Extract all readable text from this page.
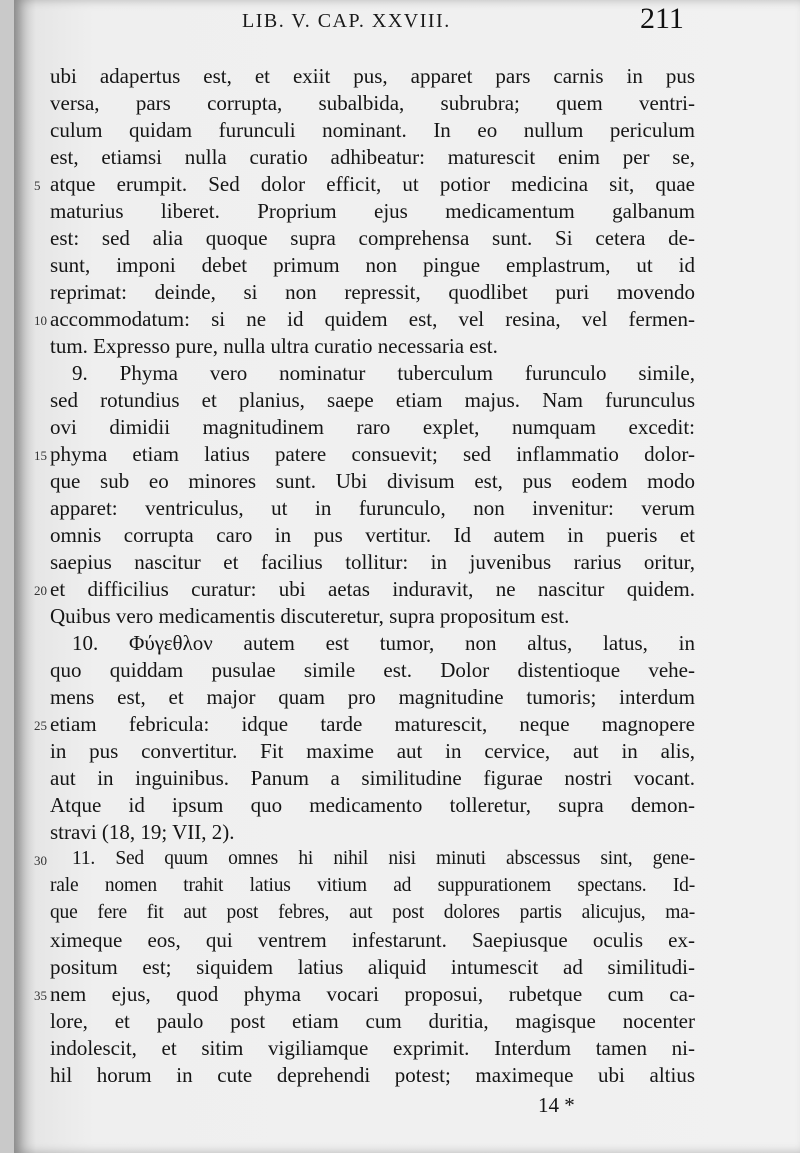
LIB. V. CAP. XXVIII.	211
ubi adapertus est, et exiit pus, apparet pars carnis in pus
versa, pars corrupta, subalbida, subrubra; quem ventri-
culum quidam furunculi nominant. In eo nullum periculum
est, etiamsi nulla curatio adhibeatur: maturescit enim per se,
atque erumpit. Sed dolor efficit, ut potior medicina sit, quae
maturius liberet. Proprium ejus medicamentum galbanum
est: sed alia quoque supra comprehensa sunt. Si cetera de-
sunt, imponi debet primum non pingue emplastrum, ut id
reprimat: deinde, si non repressit, quodlibet puri movendo
accommodatum: si ne id quidem est, vel resina, vel fermen-
tum. Expresso pure, nulla ultra curatio necessaria est.
9. Phyma vero nominatur tuberculum furunculo simile,
sed rotundius et planius, saepe etiam majus. Nam furunculus
ovi dimidii magnitudinem raro explet, numquam excedit:
phyma etiam latius patere consuevit; sed inflammatio dolor-
que sub eo minores sunt. Ubi divisum est, pus eodem modo
apparet: ventriculus, ut in furunculo, non invenitur: verum
omnis corrupta caro in pus vertitur. Id autem in pueris et
saepius nascitur et facilius tollitur: in juvenibus rarius oritur,
et difficilius curatur: ubi aetas induravit, ne nascitur quidem.
Quibus vero medicamentis discuteretur, supra propositum est.
10. Φύγεθλον autem est tumor, non altus, latus, in
quo quiddam pusulae simile est. Dolor distentioque vehe-
mens est, et major quam pro magnitudine tumoris; interdum
etiam febricula: idque tarde maturescit, neque magnopere
in pus convertitur. Fit maxime aut in cervice, aut in alis,
aut in inguinibus. Panum a similitudine figurae nostri vocant.
Atque id ipsum quo medicamento tolleretur, supra demon-
stravi (18, 19; VII, 2).
11. Sed quum omnes hi nihil nisi minuti abscessus sint, gene-
rale nomen trahit latius vitium ad suppurationem spectans. Id-
que fere fit aut post febres, aut post dolores partis alicujus, ma-
ximeque eos, qui ventrem infestarunt. Saepiusque oculis ex-
positum est; siquidem latius aliquid intumescit ad similitudi-
nem ejus, quod phyma vocari proposui, rubetque cum ca-
lore, et paulo post etiam cum duritia, magisque nocenter
indolescit, et sitim vigiliamque exprimit. Interdum tamen ni-
hil horum in cute deprehendi potest; maximeque ubi altius
5
10
15
20
25
30
35
14 *
